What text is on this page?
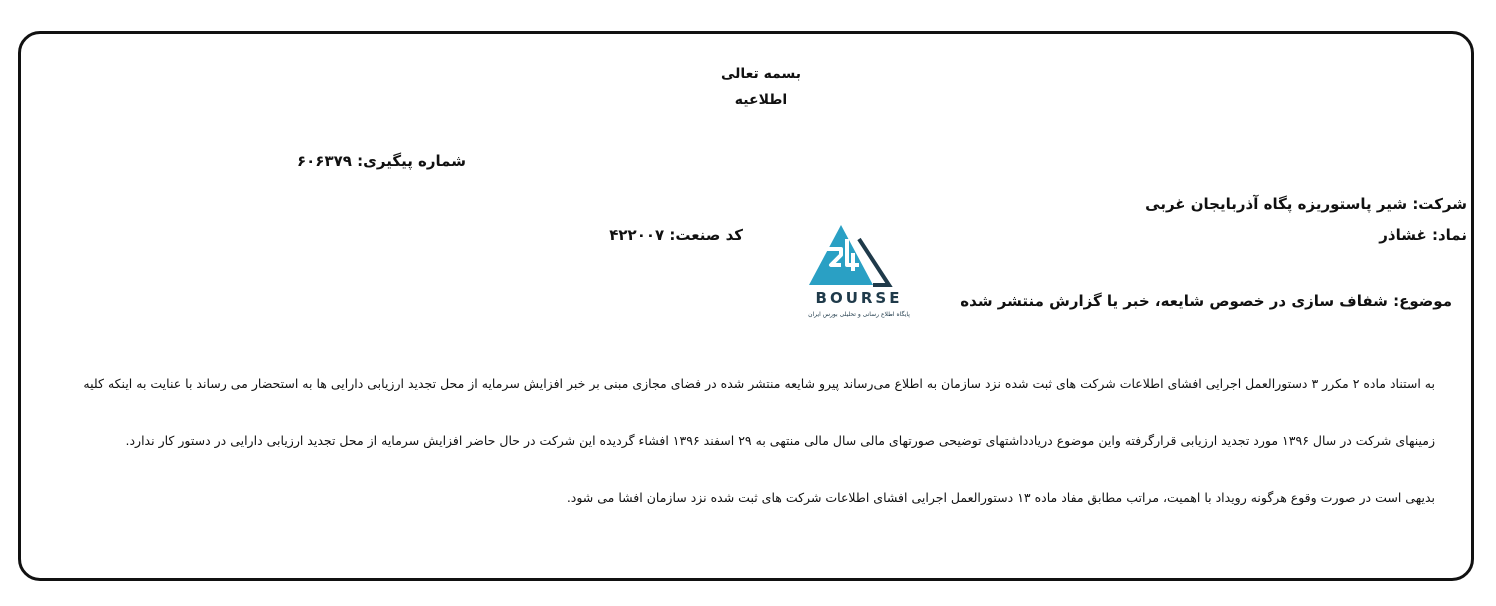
بسمه تعالی
اطلاعیه
شماره پیگیری: ۶۰۶۳۷۹
شرکت: شیر پاستوریزه پگاه آذربایجان غربی
نماد: غشاذر
کد صنعت: ۴۲۲۰۰۷
موضوع: شفاف سازی در خصوص شایعه، خبر یا گزارش منتشر شده
BOURSE
پایگاه اطلاع رسانی و تحلیلی بورس ایران
به استناد ماده ۲ مکرر ۳ دستورالعمل اجرایی افشای اطلاعات شرکت های ثبت شده نزد سازمان به اطلاع می‌رساند پیرو شایعه منتشر شده در فضای مجازی مبنی بر خبر افزایش سرمایه از محل تجدید ارزیابی دارایی ها به استحضار می رساند با عنایت به اینکه کلیه
زمینهای شرکت در سال ۱۳۹۶ مورد تجدید ارزیابی قرارگرفته واین موضوع دریادداشتهای توضیحی صورتهای مالی سال مالی منتهی به ۲۹ اسفند ۱۳۹۶ افشاء گردیده این شرکت در حال حاضر افزایش سرمایه از محل تجدید ارزیابی دارایی در دستور کار ندارد.
بدیهی است در صورت وقوع هرگونه رویداد با اهمیت، مراتب مطابق مفاد ماده ۱۳ دستورالعمل اجرایی افشای اطلاعات شرکت های ثبت شده نزد سازمان افشا می شود.
